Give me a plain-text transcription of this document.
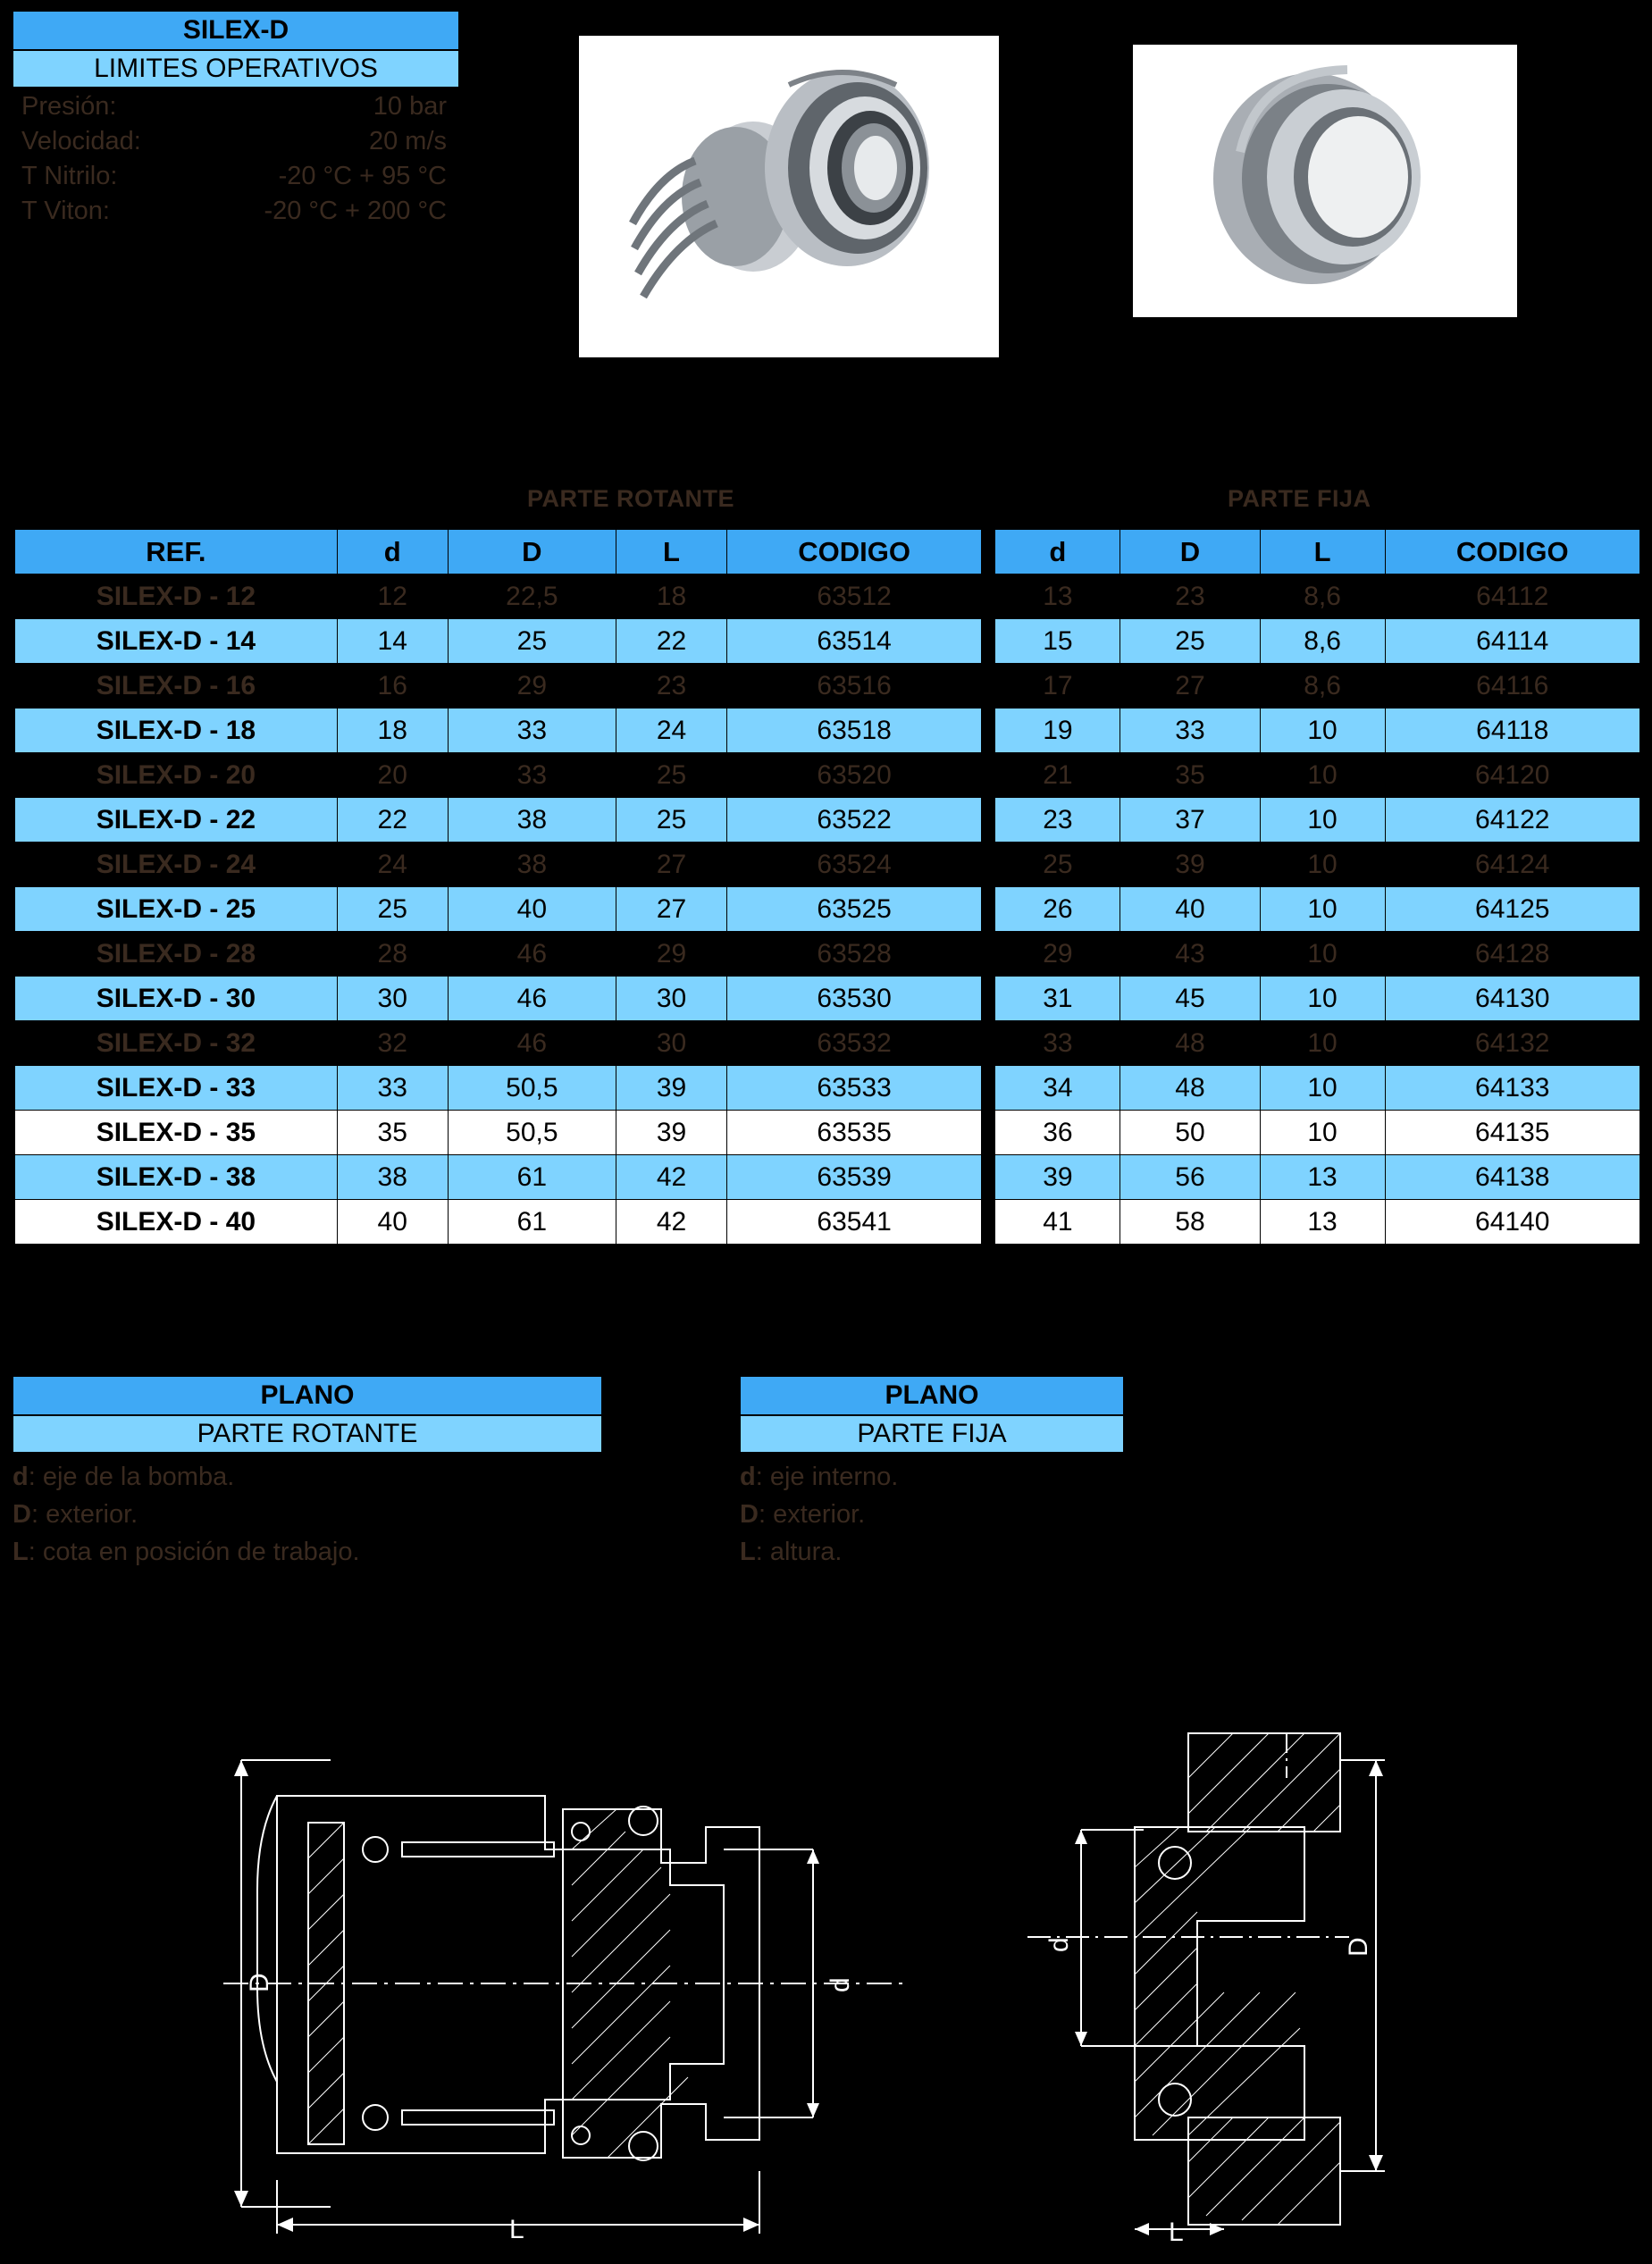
SILEX-D
LIMITES OPERATIVOS
Presión:	10 bar
Velocidad:	20 m/s
T Nitrilo:	-20 °C + 95 °C
T Viton:	-20 °C + 200 °C
PARTE ROTANTE	PARTE FIJA
REF.	d	D	L	CODIGO		d	D	L	CODIGO
SILEX-D - 12	12	22,5	18	63512		13	23	8,6	64112
SILEX-D - 14	14	25	22	63514		15	25	8,6	64114
SILEX-D - 16	16	29	23	63516		17	27	8,6	64116
SILEX-D - 18	18	33	24	63518		19	33	10	64118
SILEX-D - 20	20	33	25	63520		21	35	10	64120
SILEX-D - 22	22	38	25	63522		23	37	10	64122
SILEX-D - 24	24	38	27	63524		25	39	10	64124
SILEX-D - 25	25	40	27	63525		26	40	10	64125
SILEX-D - 28	28	46	29	63528		29	43	10	64128
SILEX-D - 30	30	46	30	63530		31	45	10	64130
SILEX-D - 32	32	46	30	63532		33	48	10	64132
SILEX-D - 33	33	50,5	39	63533		34	48	10	64133
SILEX-D - 35	35	50,5	39	63535		36	50	10	64135
SILEX-D - 38	38	61	42	63539		39	56	13	64138
SILEX-D - 40	40	61	42	63541		41	58	13	64140
PLANO
PARTE ROTANTE
d: eje de la bomba.
D: exterior.
L: cota en posición de trabajo.
PLANO
PARTE FIJA
d: eje interno.
D: exterior.
L: altura.
D	d
L
d	D
L
